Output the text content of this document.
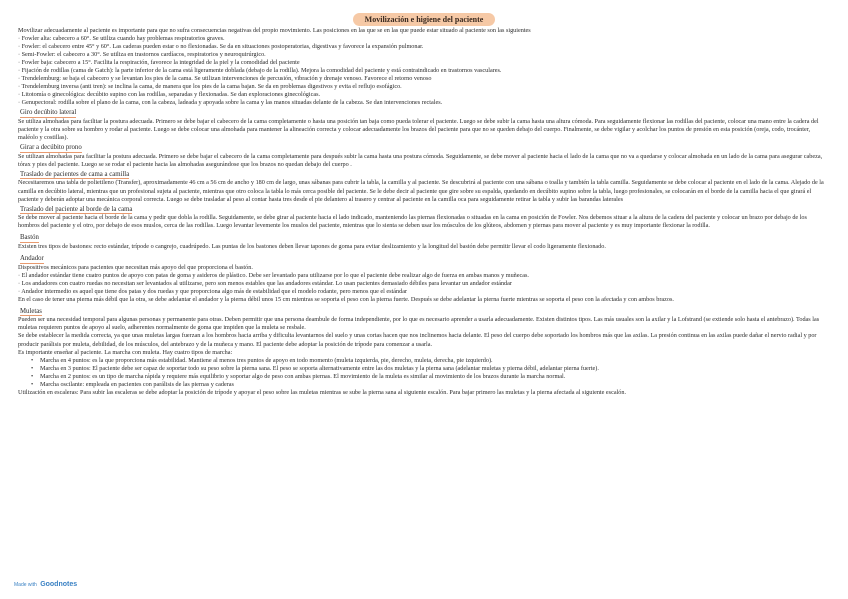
Movilización e higiene del paciente

Movilizar adecuadamente al paciente es importante para que no sufra consecuencias negativas del propio movimiento. Las posiciones en las que se en las que puede estar situado al paciente son las siguientes

· Fowler alta: cabecero a 60°. Se utiliza cuando hay problemas respiratorios graves.

· Fowler: el cabecero entre 45° y 60°. Las caderas pueden estar o no flexionadas. Se da en situaciones postoperatorias, digestivas y favorece la expansión pulmonar.

· Semi-Fowler: el cabecero a 30°. Se utiliza en trastornos cardíacos, respiratorios y neuroquirúrgico.

· Fowler baja: cabecero a 15°. Facilita la respiración, favorece la integridad de la piel y la comodidad del paciente

· Fijación de rodillas (cama de Gatch): la parte inferior de la cama está ligeramente doblada (debajo de la rodilla). Mejora la comodidad del paciente y está contraindicado en trastornos vasculares.

· Trendelemburg: se baja el cabecero y se levantan los pies de la cama. Se utilizan intervenciones de percusión, vibración y drenaje venoso. Favorece el retorno venoso

· Trendelemburg inversa (anti tren): se inclina la cama, de manera que los pies de la cama bajan. Se da en problemas digestivos y evita el reflujo esofágico.

· Litotomía o ginecológica: decúbito supino con las rodillas, separadas y flexionadas. Se dan exploraciones ginecológicas.

· Genupectoral: rodilla sobre el plano de la cama, con la cabeza, ladeada y apoyada sobre la cama y las manos situadas delante de la cabeza. Se dan intervenciones rectales.

Giro decúbito lateral

Se utiliza almohadas para facilitar la postura adecuada. Primero se debe bajar el cabecero de la cama completamente o hasta una posición tan baja como pueda tolerar el paciente. Luego se debe subir la cama hasta una altura cómoda. Para seguidamente flexionar las rodillas del paciente, colocar una mano entre la cadera del paciente y la otra sobre su hombro y rodar al paciente. Luego se debe colocar una almohada para mantener la alineación correcta y colocar adecuadamente los brazos del paciente para que no se queden debajo del cuerpo. Finalmente, se debe vigilar y acolchar los puntos de presión en esta posición (oreja, codo, trocánter, maléolo y costillas).

Girar a decúbito prono

Se utilizan almohadas para facilitar la postura adecuada. Primero se debe bajar el cabecero de la cama completamente para después subir la cama hasta una postura cómoda. Seguidamente, se debe mover al paciente hacia el lado de la cama que no va a quedarse y colocar almohada en un lado de la cama para asegurar cabeza, tórax y pies del paciente. Luego se se rodar el paciente hacia las almohadas asegurándose que los brazos no quedan debajo del cuerpo .

Traslado de pacientes de cama a camilla

Necesitaremos una tabla de polietileno (Transfer), aproximadamente 46 cm a 56 cm de ancho y 180 cm de largo, unas sábanas para cubrir la tabla, la camilla y al paciente. Se descubrirá al paciente con una sábana o toalla y también la tabla camilla. Seguidamente se debe colocar al paciente en el lado de la cama. Alejado de la camilla en decúbito lateral, mientras que un profesional sujeta al paciente, mientras que otro coloca la tabla lo más cerca posible del paciente. Se le debe decir al paciente que gire sobre su espalda, quedando en decúbito supino sobre la tabla, luego profesionales, se colocarán en el borde de la camilla hacia el que girará el paciente y deberán adoptar una mecánica corporal correcta. Luego se debe trasladar al peso al contar hasta tres desde el pie delantero al trasero y centrar al paciente en la camilla oca para seguidamente retirar la tabla y subir las barandas laterales

Traslado del paciente al borde de la cama

Se debe mover al paciente hacia el borde de la cama y pedir que dobla la rodilla. Seguidamente, se debe girar al paciente hacia el lado indicado, manteniendo las piernas flexionadas o situadas en la cama en posición de Fowler. Nos debemos situar a la altura de la cadera del paciente y colocar un brazo por debajo de los hombros del paciente y el otro, por debajo de esos muslos, cerca de las rodillas. Luego levantar levemente los muslos del paciente, mientras que lo sienta se deben usar los músculos de los glúteos, abdomen y piernas para mover al paciente y es muy importante flexionar la rodilla.

Bastón

Existen tres tipos de bastones: recto estándar, trípode o cangrejo, cuadrúpedo. Las puntas de los bastones deben llevar tapones de goma para evitar deslizamiento y la longitud del bastón debe permitir llevar el codo ligeramente flexionado.

Andador

Dispositivos mecánicos para pacientes que necesitan más apoyo del que proporciona el bastón.

· El andador estándar tiene cuatro puntos de apoyo con patas de goma y asideros de plástico. Debe ser levantado para utilizarse por lo que el paciente debe realizar algo de fuerza en ambas manos y muñecas.

· Los andadores con cuatro ruedas no necesitan ser levantados al utilizarse, pero son menos estables que las andadores estándar. Lo usan pacientes demasiado débiles para levantar un andador estándar

· Andador intermedio es aquel que tiene dos patas y dos ruedas y que proporciona algo más de estabilidad que el modelo rodante, pero menos que el estándar

En el caso de tener una pierna más débil que la otra, se debe adelantar el andador y la pierna débil unos 15 cm mientras se soporta el peso con la pierna fuerte. Después se debe adelantar la pierna fuerte mientras se soporta el peso con la afectada y con ambos brazos.

Muletas

Pueden ser una necesidad temporal para algunas personas y permanente para otras. Deben permitir que una persona deambule de forma independiente, por lo que es necesario aprender a usarla adecuadamente. Existen distintos tipos. Las más usuales son la axilar y la Lofstrand (se extiende solo hasta el antebrazo). Todas las muletas requieren puntos de apoyo al suelo, adherentes normalmente de goma que impiden que la muleta se resbale.

Se debe establecer la medida correcta, ya que unas muletas largas fuerzan a los hombros hacia arriba y dificulta levantarnos del suelo y unas cortas hacen que nos inclinemos hacia delante. El peso del cuerpo debe soportado los hombros más que las axilas. La presión continua en las axilas puede dañar el nervio radial y por producir parálisis por muleta, debilidad, de los músculos, del antebrazo y de la muñeca y mano. El paciente debe adoptar la posición de trípode para comenzar a usarla.

Es importante enseñar al paciente. La marcha con muleta. Hay cuatro tipos de marcha:

• Marcha en 4 puntos: es la que proporciona más estabilidad. Mantiene al menos tres puntos de apoyo en todo momento (muleta izquierda, pie, derecho, muleta, derecha, pie izquierdo).
• Marcha en 3 puntos: El paciente debe ser capaz de soportar todo su peso sobre la pierna sana. El peso se soporta alternativamente entre las dos muletas y la pierna sana (adelantar muletas y pierna débil, adelantar pierna fuerte).
• Marcha en 2 puntos: es un tipo de marcha rápida y requiere más equilibrio y soportar algo de peso con ambas piernas. El movimiento de la muleta es similar al movimiento de los brazos durante la marcha normal.
• Marcha oscilante: empleada en pacientes con parálisis de las piernas y caderas

Utilización en escaleras: Para subir las escaleras se debe adoptar la posición de trípode y apoyar el peso sobre las muletas mientras se sube la pierna sana al siguiente escalón. Para bajar primero las muletas y la pierna afectada al siguiente escalón.

Made with Goodnotes
